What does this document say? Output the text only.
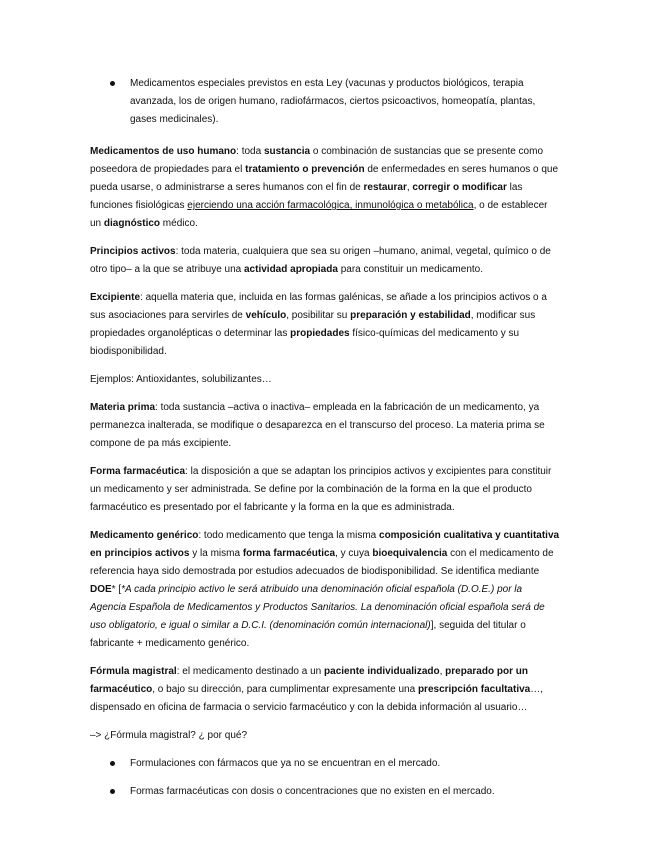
Medicamentos especiales previstos en esta Ley (vacunas y productos biológicos, terapia avanzada, los de origen humano, radiofármacos, ciertos psicoactivos, homeopatía, plantas, gases medicinales).

Medicamentos de uso humano: toda sustancia o combinación de sustancias que se presente como poseedora de propiedades para el tratamiento o prevención de enfermedades en seres humanos o que pueda usarse, o administrarse a seres humanos con el fin de restaurar, corregir o modificar las funciones fisiológicas ejerciendo una acción farmacológica, inmunológica o metabólica, o de establecer un diagnóstico médico.

Principios activos: toda materia, cualquiera que sea su origen –humano, animal, vegetal, químico o de otro tipo– a la que se atribuye una actividad apropiada para constituir un medicamento.

Excipiente: aquella materia que, incluida en las formas galénicas, se añade a los principios activos o a sus asociaciones para servirles de vehículo, posibilitar su preparación y estabilidad, modificar sus propiedades organolépticas o determinar las propiedades físico-químicas del medicamento y su biodisponibilidad.

Ejemplos: Antioxidantes, solubilizantes…

Materia prima: toda sustancia –activa o inactiva– empleada en la fabricación de un medicamento, ya permanezca inalterada, se modifique o desaparezca en el transcurso del proceso. La materia prima se compone de pa más excipiente.

Forma farmacéutica: la disposición a que se adaptan los principios activos y excipientes para constituir un medicamento y ser administrada. Se define por la combinación de la forma en la que el producto farmacéutico es presentado por el fabricante y la forma en la que es administrada.

Medicamento genérico: todo medicamento que tenga la misma composición cualitativa y cuantitativa en principios activos y la misma forma farmacéutica, y cuya bioequivalencia con el medicamento de referencia haya sido demostrada por estudios adecuados de biodisponibilidad. Se identifica mediante DOE* [*A cada principio activo le será atribuido una denominación oficial española (D.O.E.) por la Agencia Española de Medicamentos y Productos Sanitarios. La denominación oficial española será de uso obligatorio, e igual o similar a D.C.I. (denominación común internacional)], seguida del titular o fabricante + medicamento genérico.

Fórmula magistral: el medicamento destinado a un paciente individualizado, preparado por un farmacéutico, o bajo su dirección, para cumplimentar expresamente una prescripción facultativa…, dispensado en oficina de farmacia o servicio farmacéutico y con la debida información al usuario…

–> ¿Fórmula magistral? ¿ por qué?

Formulaciones con fármacos que ya no se encuentran en el mercado.
Formas farmacéuticas con dosis o concentraciones que no existen en el mercado.
